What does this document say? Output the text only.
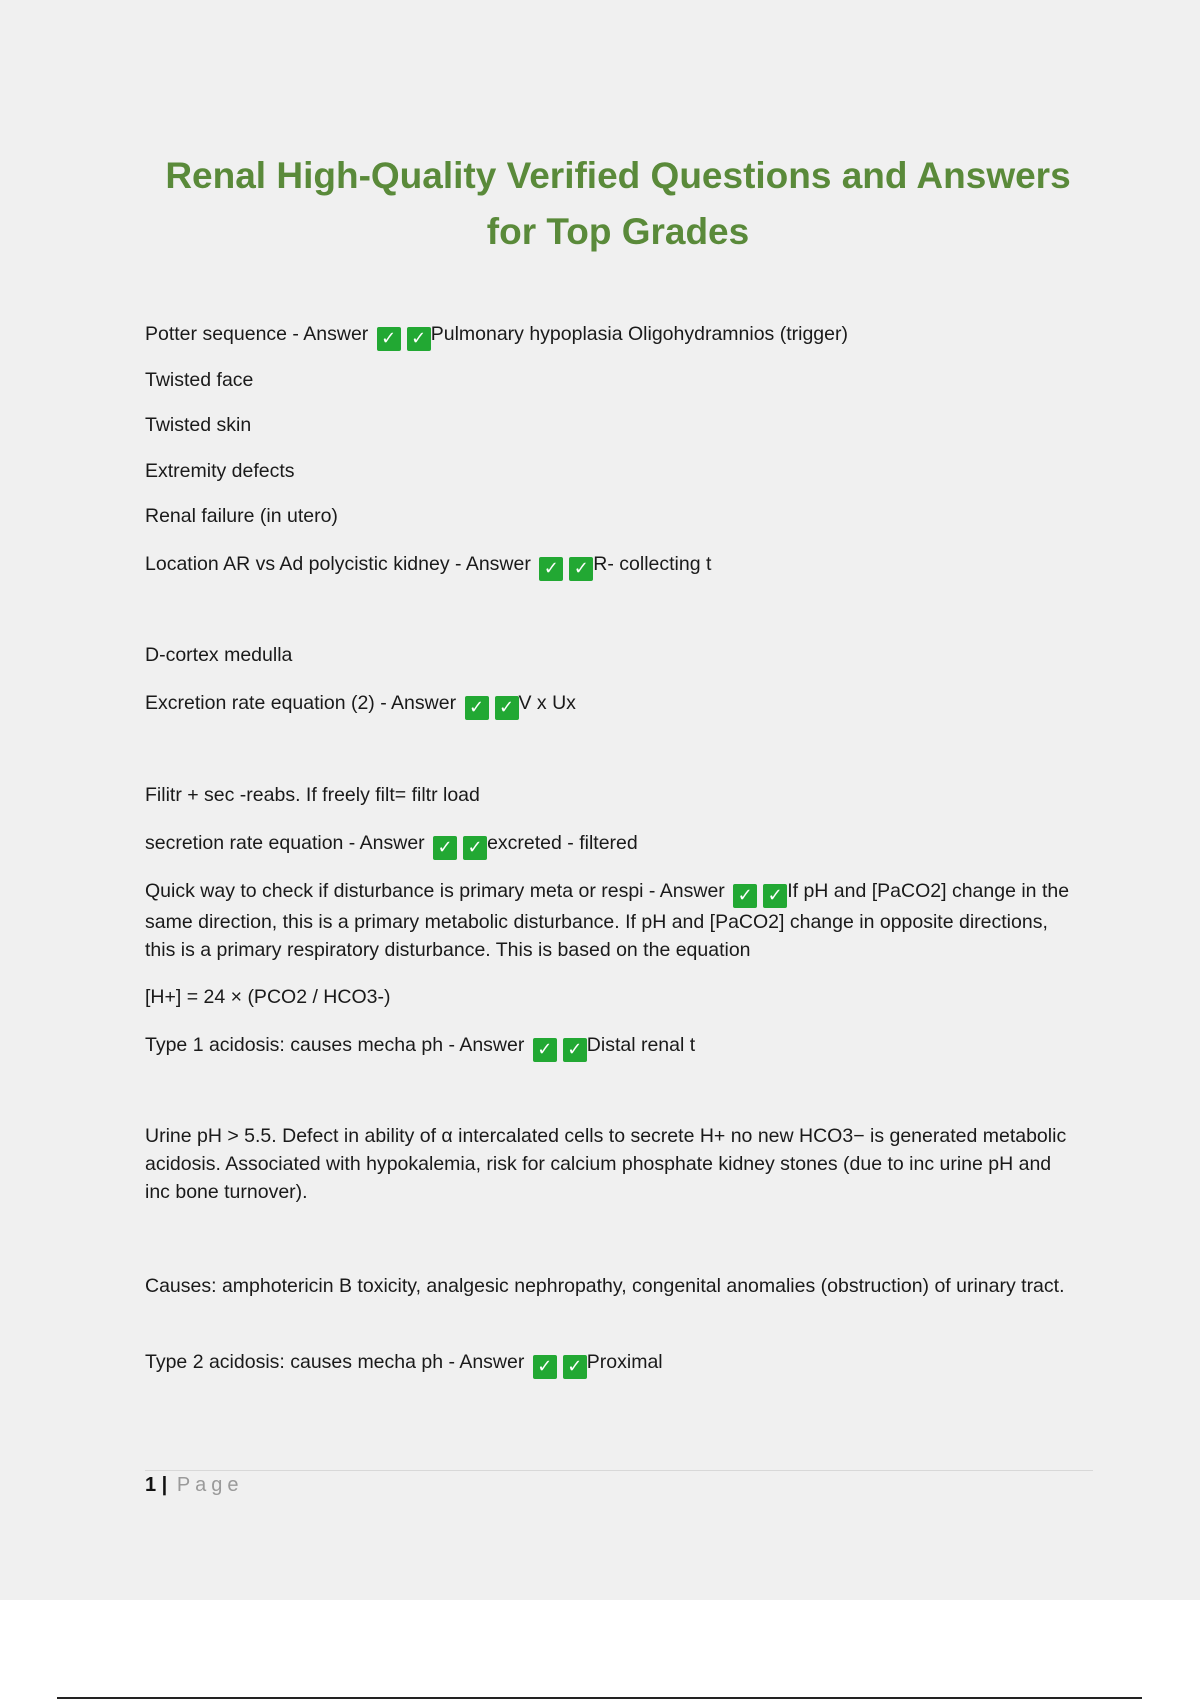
Renal High-Quality Verified Questions and Answers
for Top Grades
Potter sequence - Answer ✓ ✓ Pulmonary hypoplasia Oligohydramnios (trigger)
Twisted face
Twisted skin
Extremity defects
Renal failure (in utero)
Location AR vs Ad polycistic kidney - Answer ✓ ✓ R- collecting t
D-cortex medulla
Excretion rate equation (2) - Answer ✓ ✓ V x Ux
Filitr + sec -reabs. If freely filt= filtr load
secretion rate equation - Answer ✓ ✓ excreted - filtered
Quick way to check if disturbance is primary meta or respi - Answer ✓ ✓ If pH and [PaCO2] change in the same direction, this is a primary metabolic disturbance. If pH and [PaCO2] change in opposite directions, this is a primary respiratory disturbance. This is based on the equation
[H+] = 24 × (PCO2 / HCO3-)
Type 1 acidosis: causes mecha ph - Answer ✓ ✓ Distal renal t
Urine pH > 5.5. Defect in ability of α intercalated cells to secrete H+ no new HCO3− is generated metabolic acidosis. Associated with hypokalemia, risk for calcium phosphate kidney stones (due to inc urine pH and inc bone turnover).
Causes: amphotericin B toxicity, analgesic nephropathy, congenital anomalies (obstruction) of urinary tract.
Type 2 acidosis: causes mecha ph - Answer ✓ ✓ Proximal
1 | Page
